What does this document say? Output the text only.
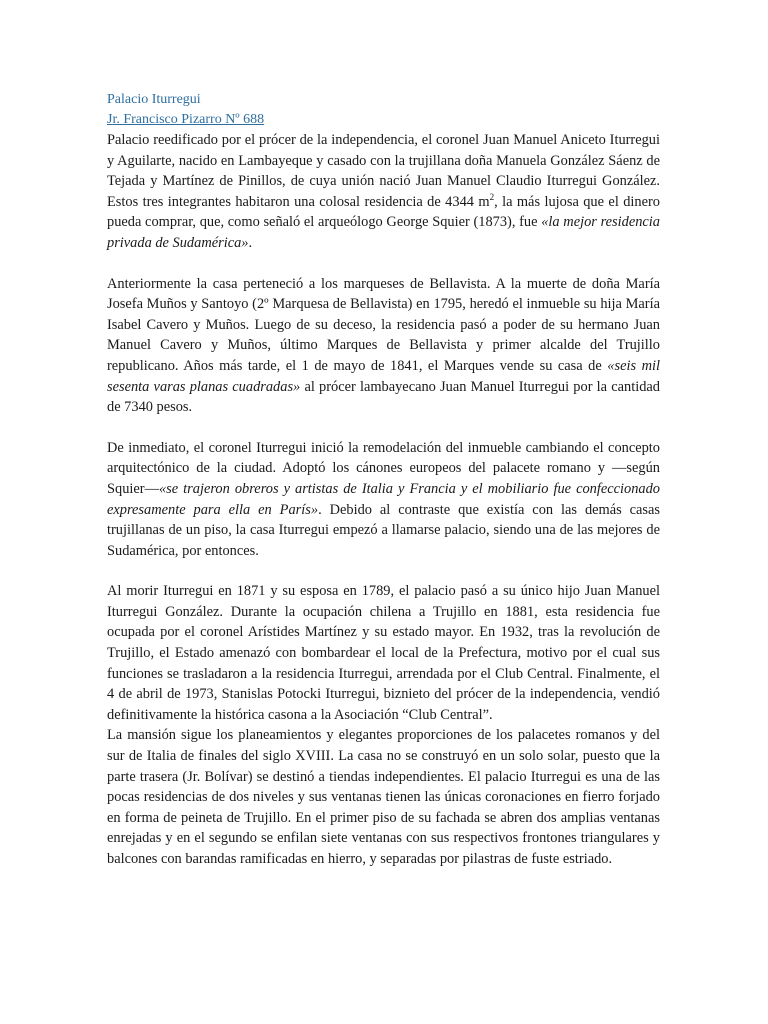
Palacio Iturregui
Jr. Francisco Pizarro Nº 688

Palacio reedificado por el prócer de la independencia, el coronel Juan Manuel Aniceto Iturregui y Aguilarte, nacido en Lambayeque y casado con la trujillana doña Manuela González Sáenz de Tejada y Martínez de Pinillos, de cuya unión nació Juan Manuel Claudio Iturregui González. Estos tres integrantes habitaron una colosal residencia de 4344 $m^2$, la más lujosa que el dinero pueda comprar, que, como señaló el arqueólogo George Squier (1873), fue «la mejor residencia privada de Sudamérica».

Anteriormente la casa perteneció a los marqueses de Bellavista. A la muerte de doña María Josefa Muños y Santoyo (2º Marquesa de Bellavista) en 1795, heredó el inmueble su hija María Isabel Cavero y Muños. Luego de su deceso, la residencia pasó a poder de su hermano Juan Manuel Cavero y Muños, último Marques de Bellavista y primer alcalde del Trujillo republicano. Años más tarde, el 1 de mayo de 1841, el Marques vende su casa de «seis mil sesenta varas planas cuadradas» al prócer lambayecano Juan Manuel Iturregui por la cantidad de 7340 pesos.

De inmediato, el coronel Iturregui inició la remodelación del inmueble cambiando el concepto arquitectónico de la ciudad. Adoptó los cánones europeos del palacete romano y —según Squier—«se trajeron obreros y artistas de Italia y Francia y el mobiliario fue confeccionado expresamente para ella en París». Debido al contraste que existía con las demás casas trujillanas de un piso, la casa Iturregui empezó a llamarse palacio, siendo una de las mejores de Sudamérica, por entonces.

Al morir Iturregui en 1871 y su esposa en 1789, el palacio pasó a su único hijo Juan Manuel Iturregui González. Durante la ocupación chilena a Trujillo en 1881, esta residencia fue ocupada por el coronel Arístides Martínez y su estado mayor. En 1932, tras la revolución de Trujillo, el Estado amenazó con bombardear el local de la Prefectura, motivo por el cual sus funciones se trasladaron a la residencia Iturregui, arrendada por el Club Central. Finalmente, el 4 de abril de 1973, Stanislas Potocki Iturregui, biznieto del prócer de la independencia, vendió definitivamente la histórica casona a la Asociación “Club Central”.

La mansión sigue los planeamientos y elegantes proporciones de los palacetes romanos y del sur de Italia de finales del siglo XVIII. La casa no se construyó en un solo solar, puesto que la parte trasera (Jr. Bolívar) se destinó a tiendas independientes. El palacio Iturregui es una de las pocas residencias de dos niveles y sus ventanas tienen las únicas coronaciones en fierro forjado en forma de peineta de Trujillo. En el primer piso de su fachada se abren dos amplias ventanas enrejadas y en el segundo se enfilan siete ventanas con sus respectivos frontones triangulares y balcones con barandas ramificadas en hierro, y separadas por pilastras de fuste estriado.
